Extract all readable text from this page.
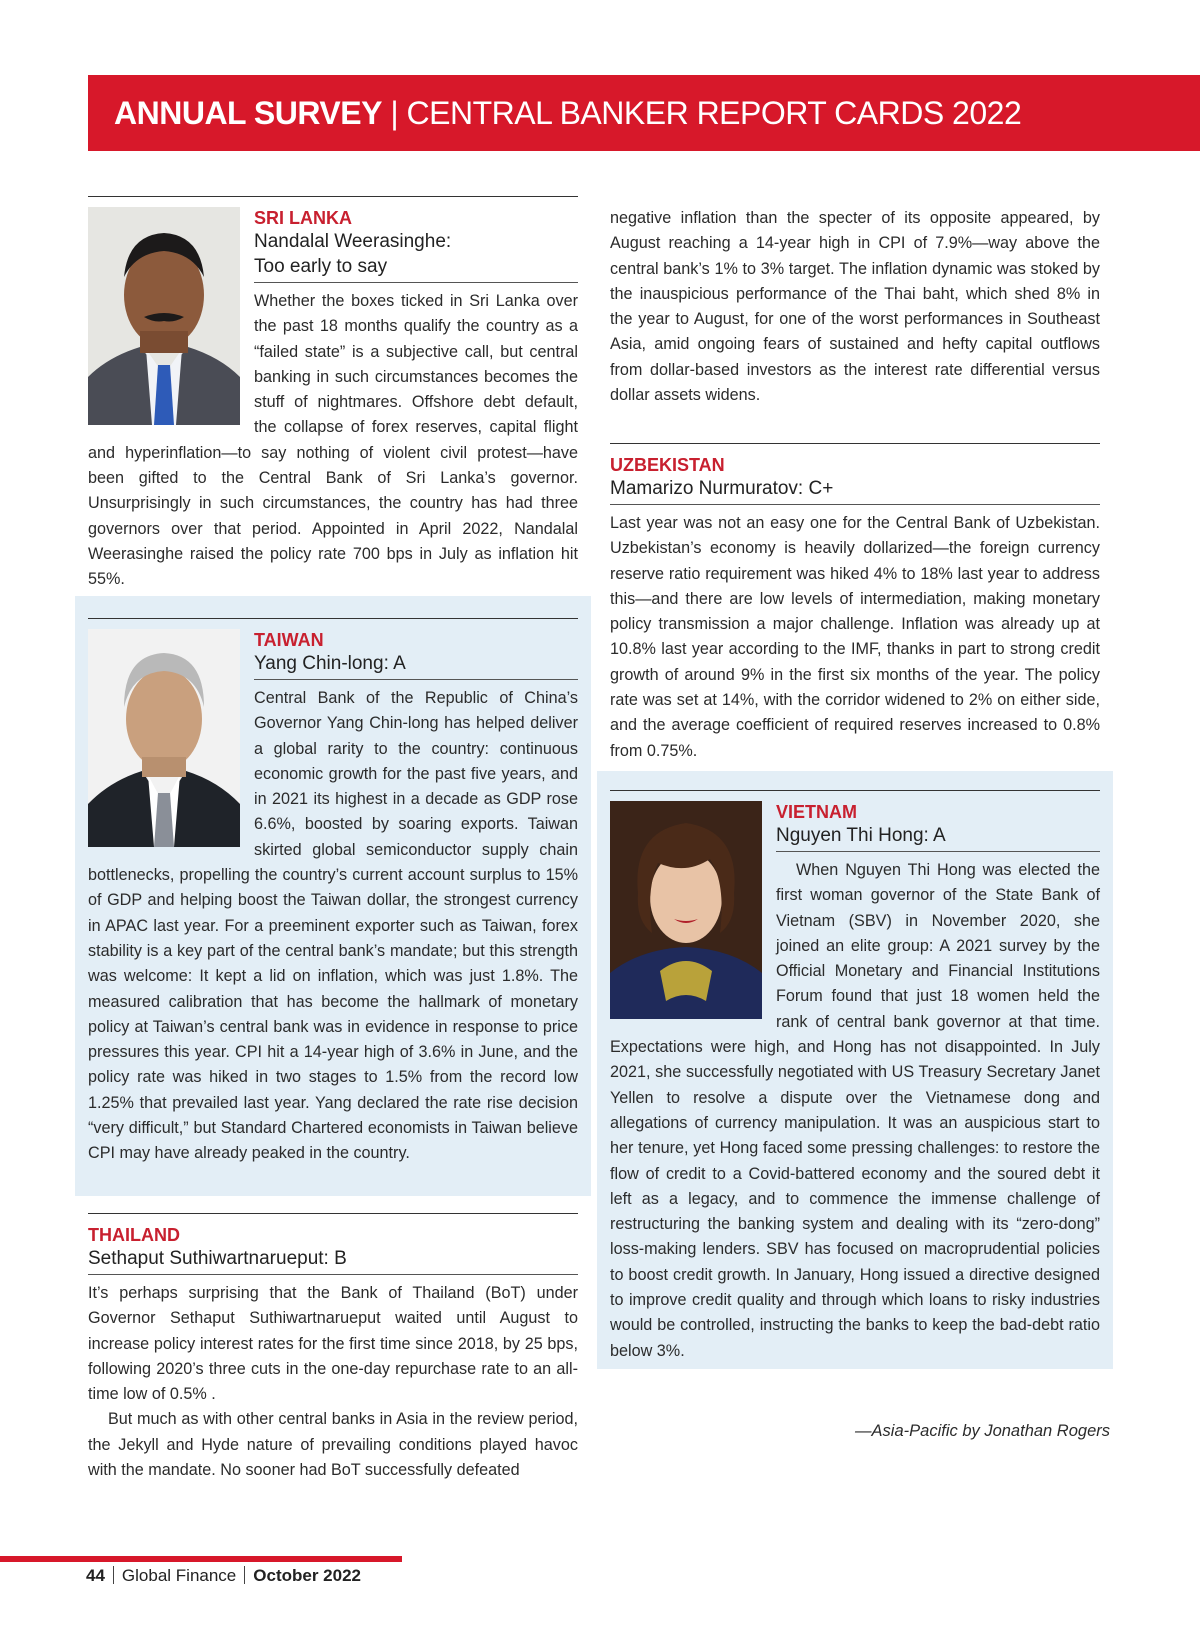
ANNUAL SURVEY | CENTRAL BANKER REPORT CARDS 2022
SRI LANKA
Nandalal Weerasinghe:
Too early to say

Whether the boxes ticked in Sri Lanka over the past 18 months qualify the country as a “failed state” is a subjective call, but central banking in such circumstances becomes the stuff of nightmares. Offshore debt default, the collapse of forex reserves, capital flight and hyperinflation—to say nothing of violent civil protest—have been gifted to the Central Bank of Sri Lanka’s governor. Unsurprisingly in such circumstances, the country has had three governors over that period. Appointed in April 2022, Nandalal Weerasinghe raised the policy rate 700 bps in July as inflation hit 55%.

TAIWAN
Yang Chin-long: A

Central Bank of the Republic of China’s Governor Yang Chin-long has helped deliver a global rarity to the country: continuous economic growth for the past five years, and in 2021 its highest in a decade as GDP rose 6.6%, boosted by soaring exports. Taiwan skirted global semiconductor supply chain bottlenecks, propelling the country’s current account surplus to 15% of GDP and helping boost the Taiwan dollar, the strongest currency in APAC last year. For a preeminent exporter such as Taiwan, forex stability is a key part of the central bank’s mandate; but this strength was welcome: It kept a lid on inflation, which was just 1.8%. The measured calibration that has become the hallmark of monetary policy at Taiwan’s central bank was in evidence in response to price pressures this year. CPI hit a 14-year high of 3.6% in June, and the policy rate was hiked in two stages to 1.5% from the record low 1.25% that prevailed last year. Yang declared the rate rise decision “very difficult,” but Standard Chartered economists in Taiwan believe CPI may have already peaked in the country.

THAILAND
Sethaput Suthiwartnarueput: B

It’s perhaps surprising that the Bank of Thailand (BoT) under Governor Sethaput Suthiwartnarueput waited until August to increase policy interest rates for the first time since 2018, by 25 bps, following 2020’s three cuts in the one-day repurchase rate to an all-time low of 0.5% .

But much as with other central banks in Asia in the review period, the Jekyll and Hyde nature of prevailing conditions played havoc with the mandate. No sooner had BoT successfully defeated

negative inflation than the specter of its opposite appeared, by August reaching a 14-year high in CPI of 7.9%—way above the central bank’s 1% to 3% target. The inflation dynamic was stoked by the inauspicious performance of the Thai baht, which shed 8% in the year to August, for one of the worst performances in Southeast Asia, amid ongoing fears of sustained and hefty capital outflows from dollar-based investors as the interest rate differential versus dollar assets widens.

UZBEKISTAN
Mamarizo Nurmuratov: C+

Last year was not an easy one for the Central Bank of Uzbekistan. Uzbekistan’s economy is heavily dollarized—the foreign currency reserve ratio requirement was hiked 4% to 18% last year to address this—and there are low levels of intermediation, making monetary policy transmission a major challenge. Inflation was already up at 10.8% last year according to the IMF, thanks in part to strong credit growth of around 9% in the first six months of the year. The policy rate was set at 14%, with the corridor widened to 2% on either side, and the average coefficient of required reserves increased to 0.8% from 0.75%.

VIETNAM
Nguyen Thi Hong: A

When Nguyen Thi Hong was elected the first woman governor of the State Bank of Vietnam (SBV) in November 2020, she joined an elite group: A 2021 survey by the Official Monetary and Financial Institutions Forum found that just 18 women held the rank of central bank governor at that time. Expectations were high, and Hong has not disappointed. In July 2021, she successfully negotiated with US Treasury Secretary Janet Yellen to resolve a dispute over the Vietnamese dong and allegations of currency manipulation. It was an auspicious start to her tenure, yet Hong faced some pressing challenges: to restore the flow of credit to a Covid-battered economy and the soured debt it left as a legacy, and to commence the immense challenge of restructuring the banking system and dealing with its “zero-dong” loss-making lenders. SBV has focused on macroprudential policies to boost credit growth. In January, Hong issued a directive designed to improve credit quality and through which loans to risky industries would be controlled, instructing the banks to keep the bad-debt ratio below 3%.

—Asia-Pacific by Jonathan Rogers
44 Global Finance October 2022
